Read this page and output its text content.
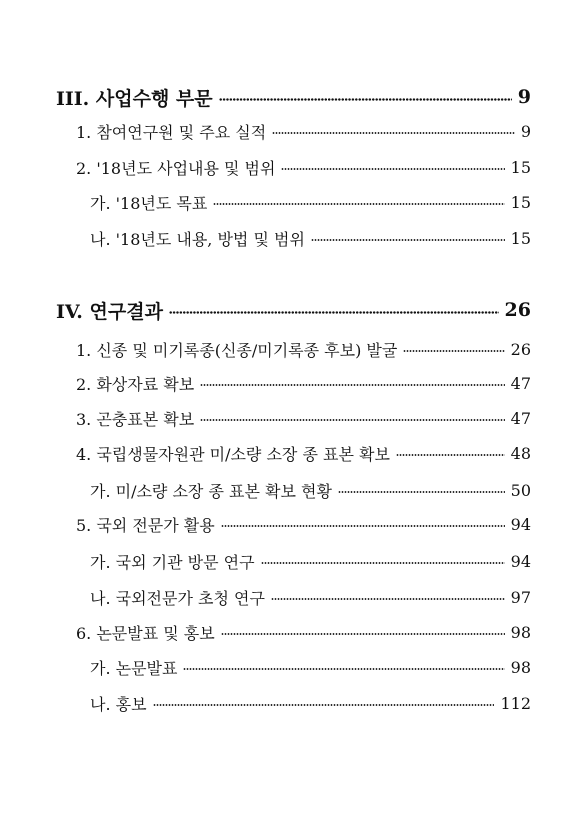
III. 사업수행 부문	9
1. 참여연구원 및 주요 실적	9
2. '18년도 사업내용 및 범위	15
가. '18년도 목표	15
나. '18년도 내용, 방법 및 범위	15
IV. 연구결과	26
1. 신종 및 미기록종(신종/미기록종 후보) 발굴	26
2. 화상자료 확보	47
3. 곤충표본 확보	47
4. 국립생물자원관 미/소량 소장 종 표본 확보	48
가. 미/소량 소장 종 표본 확보 현황	50
5. 국외 전문가 활용	94
가. 국외 기관 방문 연구	94
나. 국외전문가 초청 연구	97
6. 논문발표 및 홍보	98
가. 논문발표	98
나. 홍보	112
